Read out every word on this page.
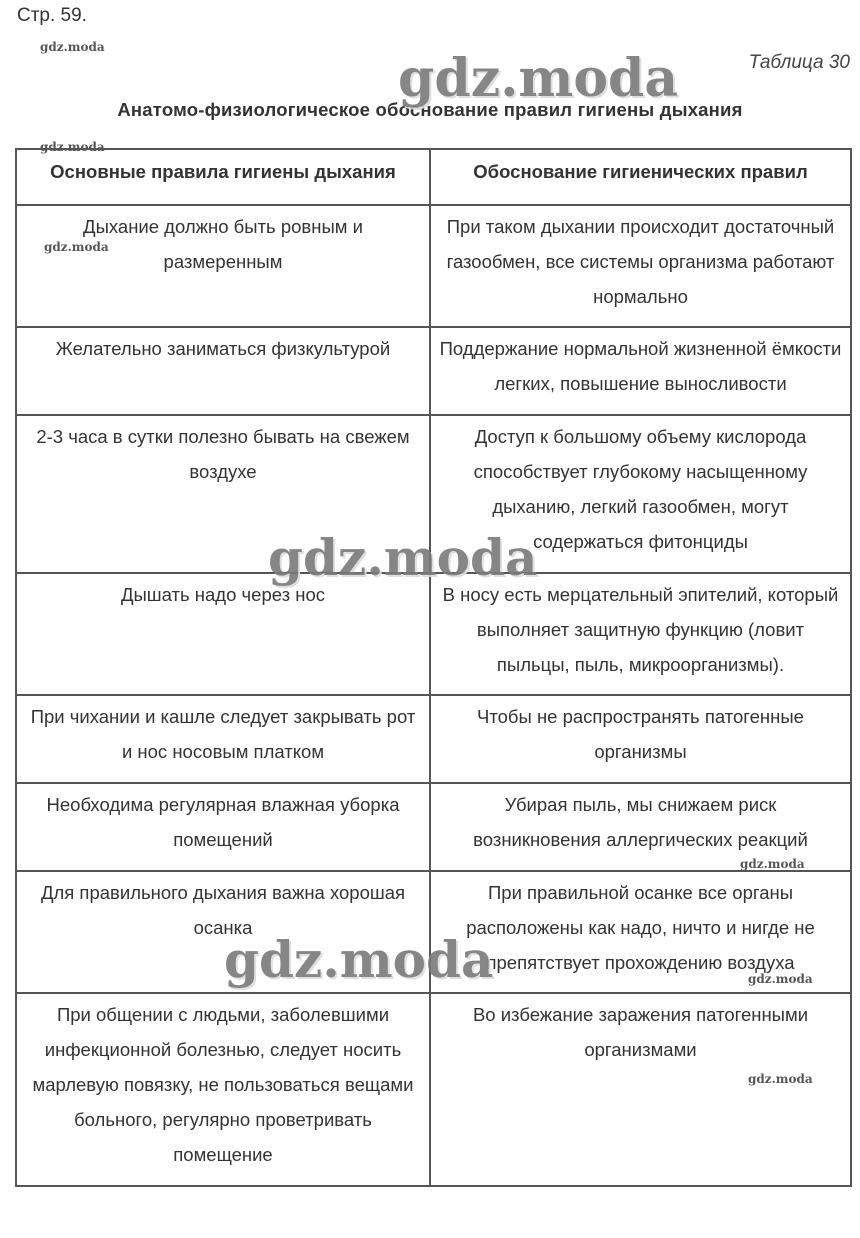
Стр. 59.
Таблица 30
Анатомо-физиологическое обоснование правил гигиены дыхания
Основные правила гигиены дыхания	Обоснование гигиенических правил
Дыхание должно быть ровным и размеренным	При таком дыхании происходит достаточный газообмен, все системы организма работают нормально
Желательно заниматься физкультурой	Поддержание нормальной жизненной ёмкости легких, повышение выносливости
2-3 часа в сутки полезно бывать на свежем воздухе	Доступ к большому объему кислорода способствует глубокому насыщенному дыханию, легкий газообмен, могут содержаться фитонциды
Дышать надо через нос	В носу есть мерцательный эпителий, который выполняет защитную функцию (ловит пыльцы, пыль, микроорганизмы).
При чихании и кашле следует закрывать рот и нос носовым платком	Чтобы не распространять патогенные организмы
Необходима регулярная влажная уборка помещений	Убирая пыль, мы снижаем риск возникновения аллергических реакций
Для правильного дыхания важна хорошая осанка	При правильной осанке все органы расположены как надо, ничто и нигде не препятствует прохождению воздуха
При общении с людьми, заболевшими инфекционной болезнью, следует носить марлевую повязку, не пользоваться вещами больного, регулярно проветривать помещение	Во избежание заражения патогенными организмами
gdz.moda
gdz.moda
gdz.moda
gdz.moda
gdz.moda
gdz.moda
gdz.moda
gdz.moda
gdz.moda
